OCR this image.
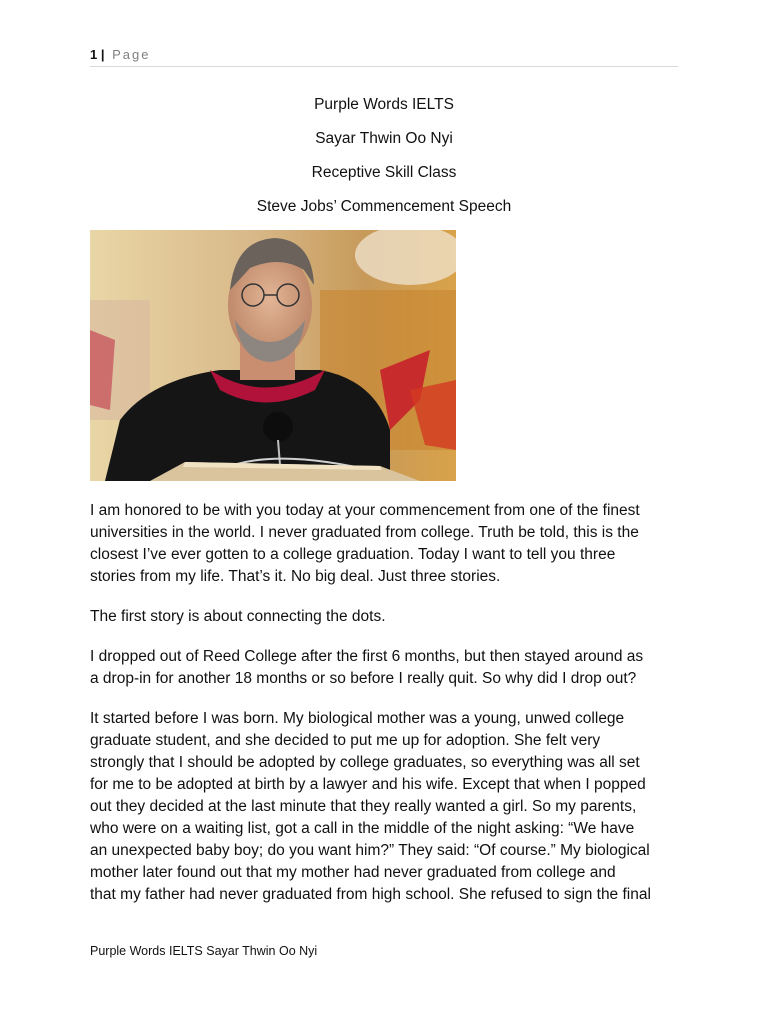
1 | Page
Purple Words IELTS
Sayar Thwin Oo Nyi
Receptive Skill Class
Steve Jobs’ Commencement Speech

I am honored to be with you today at your commencement from one of the finest
universities in the world. I never graduated from college. Truth be told, this is the
closest I’ve ever gotten to a college graduation. Today I want to tell you three
stories from my life. That’s it. No big deal. Just three stories.

The first story is about connecting the dots.

I dropped out of Reed College after the first 6 months, but then stayed around as
a drop-in for another 18 months or so before I really quit. So why did I drop out?

It started before I was born. My biological mother was a young, unwed college
graduate student, and she decided to put me up for adoption. She felt very
strongly that I should be adopted by college graduates, so everything was all set
for me to be adopted at birth by a lawyer and his wife. Except that when I popped
out they decided at the last minute that they really wanted a girl. So my parents,
who were on a waiting list, got a call in the middle of the night asking: “We have
an unexpected baby boy; do you want him?” They said: “Of course.” My biological
mother later found out that my mother had never graduated from college and
that my father had never graduated from high school. She refused to sign the final

Purple Words IELTS Sayar Thwin Oo Nyi
